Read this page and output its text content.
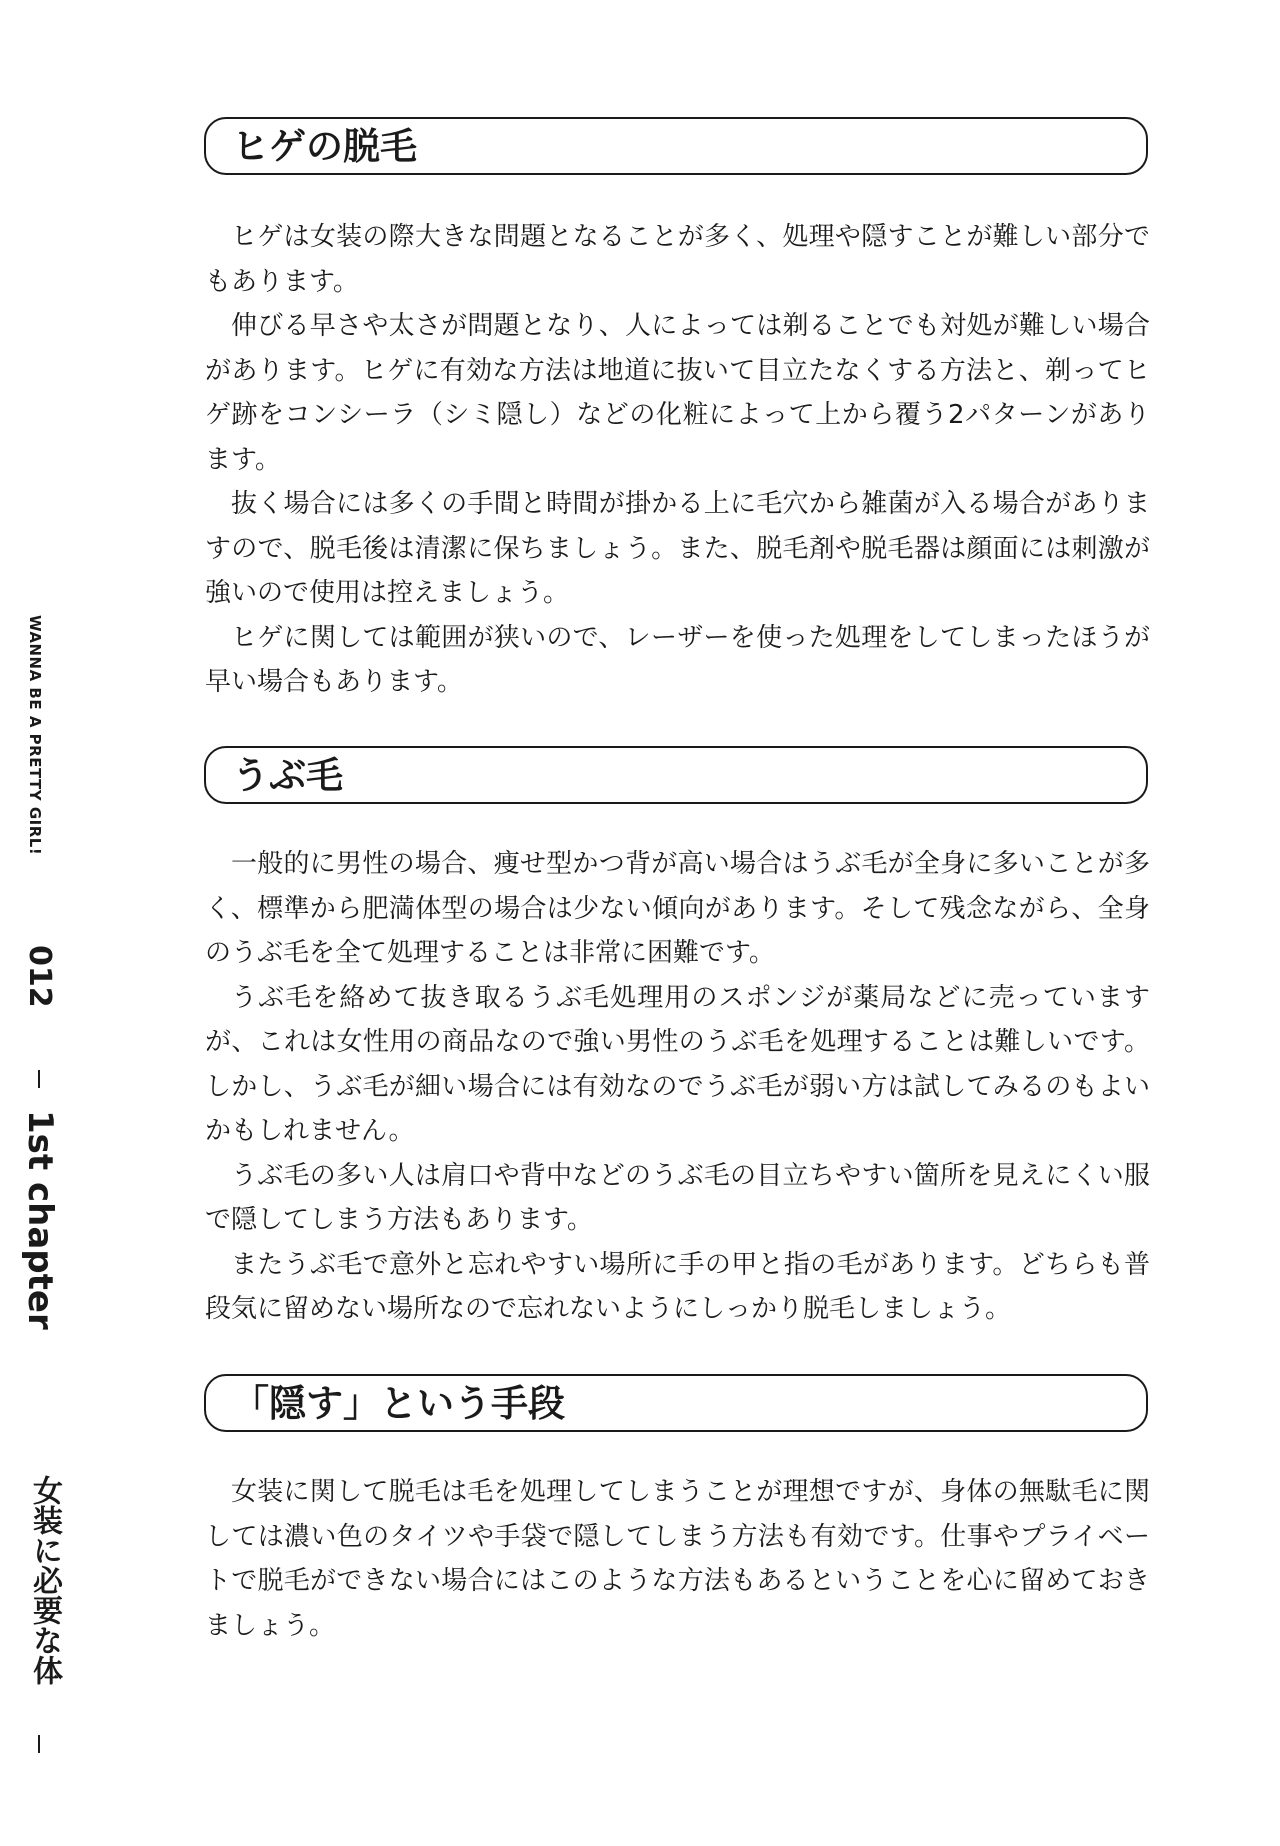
ヒゲの脱毛

ヒゲは女装の際大きな問題となることが多く、処理や隠すことが難しい部分でもあります。

伸びる早さや太さが問題となり、人によっては剃ることでも対処が難しい場合があります。ヒゲに有効な方法は地道に抜いて目立たなくする方法と、剃ってヒゲ跡をコンシーラ（シミ隠し）などの化粧によって上から覆う2パターンがあります。

抜く場合には多くの手間と時間が掛かる上に毛穴から雑菌が入る場合がありますので、脱毛後は清潔に保ちましょう。また、脱毛剤や脱毛器は顔面には刺激が強いので使用は控えましょう。

ヒゲに関しては範囲が狭いので、レーザーを使った処理をしてしまったほうが早い場合もあります。

うぶ毛

一般的に男性の場合、痩せ型かつ背が高い場合はうぶ毛が全身に多いことが多く、標準から肥満体型の場合は少ない傾向があります。そして残念ながら、全身のうぶ毛を全て処理することは非常に困難です。

うぶ毛を絡めて抜き取るうぶ毛処理用のスポンジが薬局などに売っていますが、これは女性用の商品なので強い男性のうぶ毛を処理することは難しいです。しかし、うぶ毛が細い場合には有効なのでうぶ毛が弱い方は試してみるのもよいかもしれません。

うぶ毛の多い人は肩口や背中などのうぶ毛の目立ちやすい箇所を見えにくい服で隠してしまう方法もあります。

またうぶ毛で意外と忘れやすい場所に手の甲と指の毛があります。どちらも普段気に留めない場所なので忘れないようにしっかり脱毛しましょう。

「隠す」という手段

女装に関して脱毛は毛を処理してしまうことが理想ですが、身体の無駄毛に関しては濃い色のタイツや手袋で隠してしまう方法も有効です。仕事やプライベートで脱毛ができない場合にはこのような方法もあるということを心に留めておきましょう。

WANNA BE A PRETTY GIRL!
012
1st chapter
女装に必要な体
